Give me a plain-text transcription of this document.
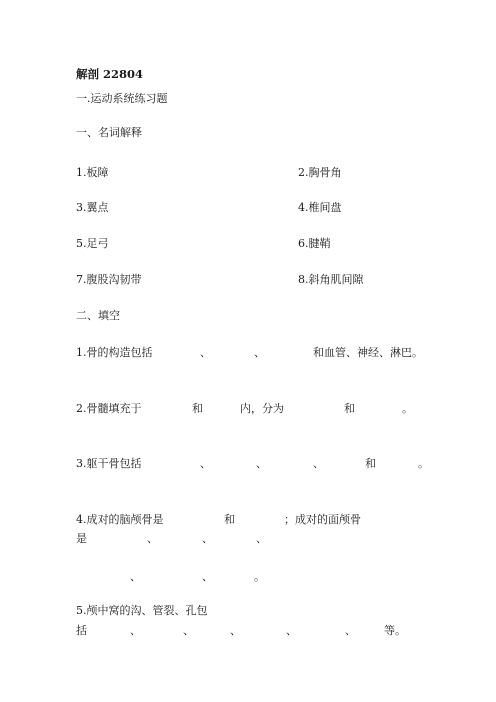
解剖 22804
一.运动系统练习题
一、名词解释
1.板障	2.胸骨角
3.翼点	4.椎间盘
5.足弓	6.腱鞘
7.腹股沟韧带	8.斜角肌间隙
二、填空
1.骨的构造包括	、	、	和血管、神经、淋巴。
2.骨髓填充于	和	内，分为	和	。
3.躯干骨包括	、	、	、	和	。
4.成对的脑颅骨是	和	；成对的面颅骨
是	、	、	、
、	、	。
5.颅中窝的沟、管裂、孔包
括	、	、	、	、	、	等。
